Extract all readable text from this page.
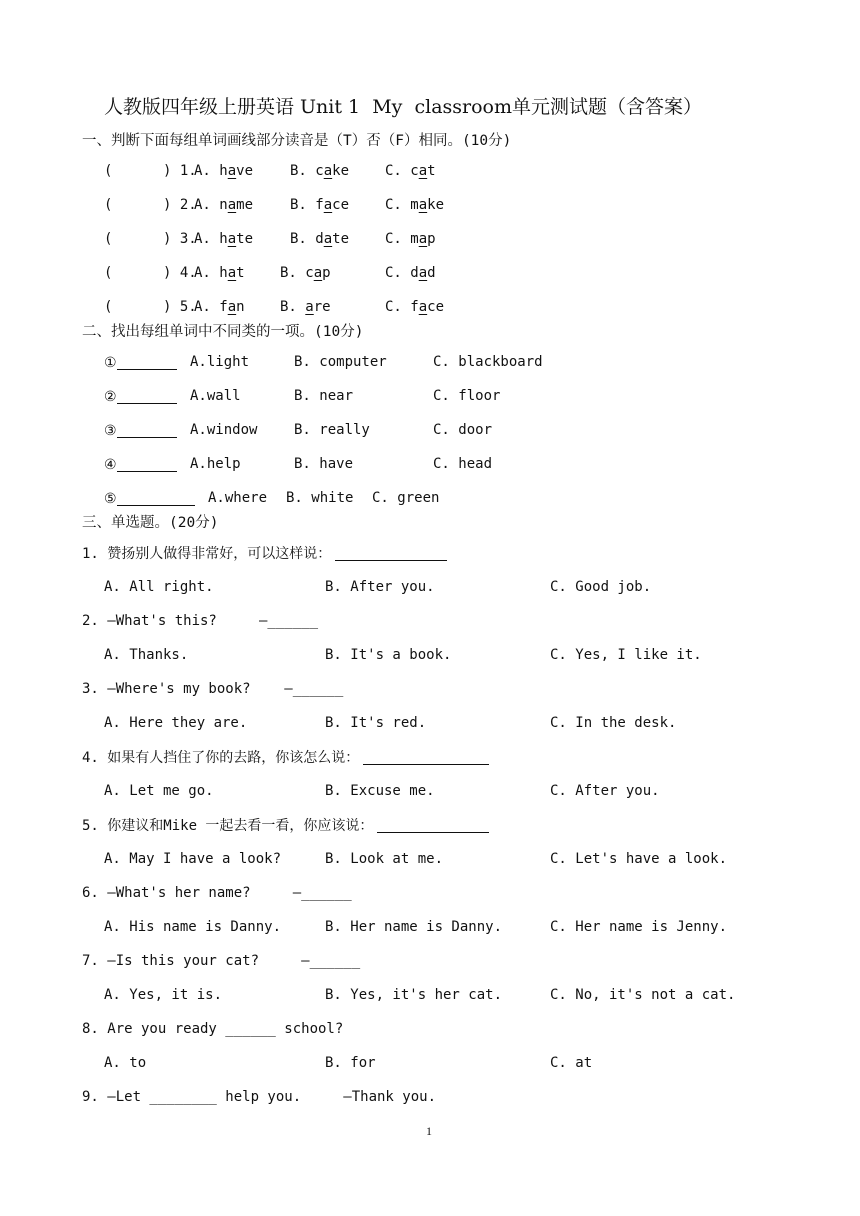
人教版四年级上册英语 Unit 1  My  classroom单元测试题（含答案）
一、判断下面每组单词画线部分读音是（T）否（F）相同。(10分)
(      ) 1.
A. have	B. cake	C. cat
(      ) 2.
A. name	B. face	C. make
(      ) 3.
A. hate	B. date	C. map
(      ) 4.
A. hat	B. cap	C. dad
(      ) 5.
A. fan	B. are	C. face
二、找出每组单词中不同类的一项。(10分)
①	A.light	B. computer	C. blackboard
②	A.wall	B. near	C. floor
③	A.window	B. really	C. door
④	A.help	B. have	C. head
⑤	A.where B. white C. green
三、单选题。(20分)
1. 赞扬别人做得非常好，可以这样说：
A. All right.	B. After you.	C. Good job.
2. —What's this?     —______
A. Thanks.	B. It's a book.	C. Yes, I like it.
3. —Where's my book?    —______
A. Here they are.	B. It's red.	C. In the desk.
4. 如果有人挡住了你的去路，你该怎么说：
A. Let me go.	B. Excuse me.	C. After you.
5. 你建议和Mike 一起去看一看，你应该说：
A. May I have a look?	B. Look at me.	C. Let's have a look.
6. —What's her name?     —______
A. His name is Danny.	B. Her name is Danny.	C. Her name is Jenny.
7. —Is this your cat?     —______
A. Yes, it is.	B. Yes, it's her cat.	C. No, it's not a cat.
8. Are you ready ______ school?
A. to	B. for	C. at
9. —Let ________ help you.     —Thank you.
1
